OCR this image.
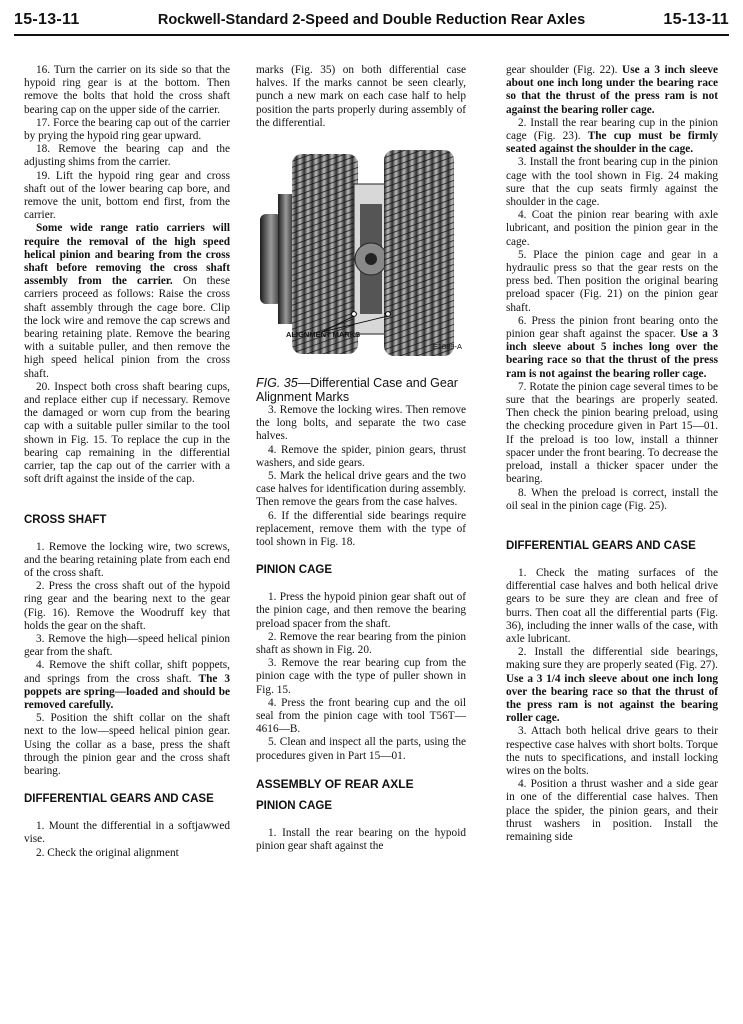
15-13-11	Rockwell-Standard 2-Speed and Double Reduction Rear Axles	15-13-11

16. Turn the carrier on its side so that the hypoid ring gear is at the bottom. Then remove the bolts that hold the cross shaft bearing cap on the upper side of the carrier.

17. Force the bearing cap out of the carrier by prying the hypoid ring gear upward.

18. Remove the bearing cap and the adjusting shims from the carrier.

19. Lift the hypoid ring gear and cross shaft out of the lower bearing cap bore, and remove the unit, bottom end first, from the carrier.

Some wide range ratio carriers will require the removal of the high speed helical pinion and bearing from the cross shaft before removing the cross shaft assembly from the carrier. On these carriers proceed as follows: Raise the cross shaft assembly through the cage bore. Clip the lock wire and remove the cap screws and bearing retaining plate. Remove the bearing with a suitable puller, and then remove the high speed helical pinion from the cross shaft.

20. Inspect both cross shaft bearing cups, and replace either cup if necessary. Remove the damaged or worn cup from the bearing cap with a suitable puller similar to the tool shown in Fig. 15. To replace the cup in the bearing cap remaining in the differential carrier, tap the cap out of the carrier with a soft drift against the inside of the cap.

CROSS SHAFT

1. Remove the locking wire, two screws, and the bearing retaining plate from each end of the cross shaft.

2. Press the cross shaft out of the hypoid ring gear and the bearing next to the gear (Fig. 16). Remove the Woodruff key that holds the gear on the shaft.

3. Remove the high—speed helical pinion gear from the shaft.

4. Remove the shift collar, shift poppets, and springs from the cross shaft. The 3 poppets are spring—loaded and should be removed carefully.

5. Position the shift collar on the shaft next to the low—speed helical pinion gear. Using the collar as a base, press the shaft through the pinion gear and the cross shaft bearing.

DIFFERENTIAL GEARS AND CASE

1. Mount the differential in a softjawwed vise.

2. Check the original alignment

marks (Fig. 35) on both differential case halves. If the marks cannot be seen clearly, punch a new mark on each case half to help position the parts properly during assembly of the differential.

ALIGNMENT MARKS
E1889-A

FIG. 35—Differential Case and Gear Alignment Marks

3. Remove the locking wires. Then remove the long bolts, and separate the two case halves.

4. Remove the spider, pinion gears, thrust washers, and side gears.

5. Mark the helical drive gears and the two case halves for identification during assembly. Then remove the gears from the case halves.

6. If the differential side bearings require replacement, remove them with the type of tool shown in Fig. 18.

PINION CAGE

1. Press the hypoid pinion gear shaft out of the pinion cage, and then remove the bearing preload spacer from the shaft.

2. Remove the rear bearing from the pinion shaft as shown in Fig. 20.

3. Remove the rear bearing cup from the pinion cage with the type of puller shown in Fig. 15.

4. Press the front bearing cup and the oil seal from the pinion cage with tool T56T—4616—B.

5. Clean and inspect all the parts, using the procedures given in Part 15—01.

ASSEMBLY OF REAR AXLE
PINION CAGE

1. Install the rear bearing on the hypoid pinion gear shaft against the

gear shoulder (Fig. 22). Use a 3 inch sleeve about one inch long under the bearing race so that the thrust of the press ram is not against the bearing roller cage.

2. Install the rear bearing cup in the pinion cage (Fig. 23). The cup must be firmly seated against the shoulder in the cage.

3. Install the front bearing cup in the pinion cage with the tool shown in Fig. 24 making sure that the cup seats firmly against the shoulder in the cage.

4. Coat the pinion rear bearing with axle lubricant, and position the pinion gear in the cage.

5. Place the pinion cage and gear in a hydraulic press so that the gear rests on the press bed. Then position the original bearing preload spacer (Fig. 21) on the pinion gear shaft.

6. Press the pinion front bearing onto the pinion gear shaft against the spacer. Use a 3 inch sleeve about 5 inches long over the bearing race so that the thrust of the press ram is not against the bearing roller cage.

7. Rotate the pinion cage several times to be sure that the bearings are properly seated. Then check the pinion bearing preload, using the checking procedure given in Part 15—01. If the preload is too low, install a thinner spacer under the front bearing. To decrease the preload, install a thicker spacer under the bearing.

8. When the preload is correct, install the oil seal in the pinion cage (Fig. 25).

DIFFERENTIAL GEARS AND CASE

1. Check the mating surfaces of the differential case halves and both helical drive gears to be sure they are clean and free of burrs. Then coat all the differential parts (Fig. 36), including the inner walls of the case, with axle lubricant.

2. Install the differential side bearings, making sure they are properly seated (Fig. 27). Use a 3 1/4 inch sleeve about one inch long over the bearing race so that the thrust of the press ram is not against the bearing roller cage.

3. Attach both helical drive gears to their respective case halves with short bolts. Torque the nuts to specifications, and install locking wires on the bolts.

4. Position a thrust washer and a side gear in one of the differential case halves. Then place the spider, the pinion gears, and their thrust washers in position. Install the remaining side
